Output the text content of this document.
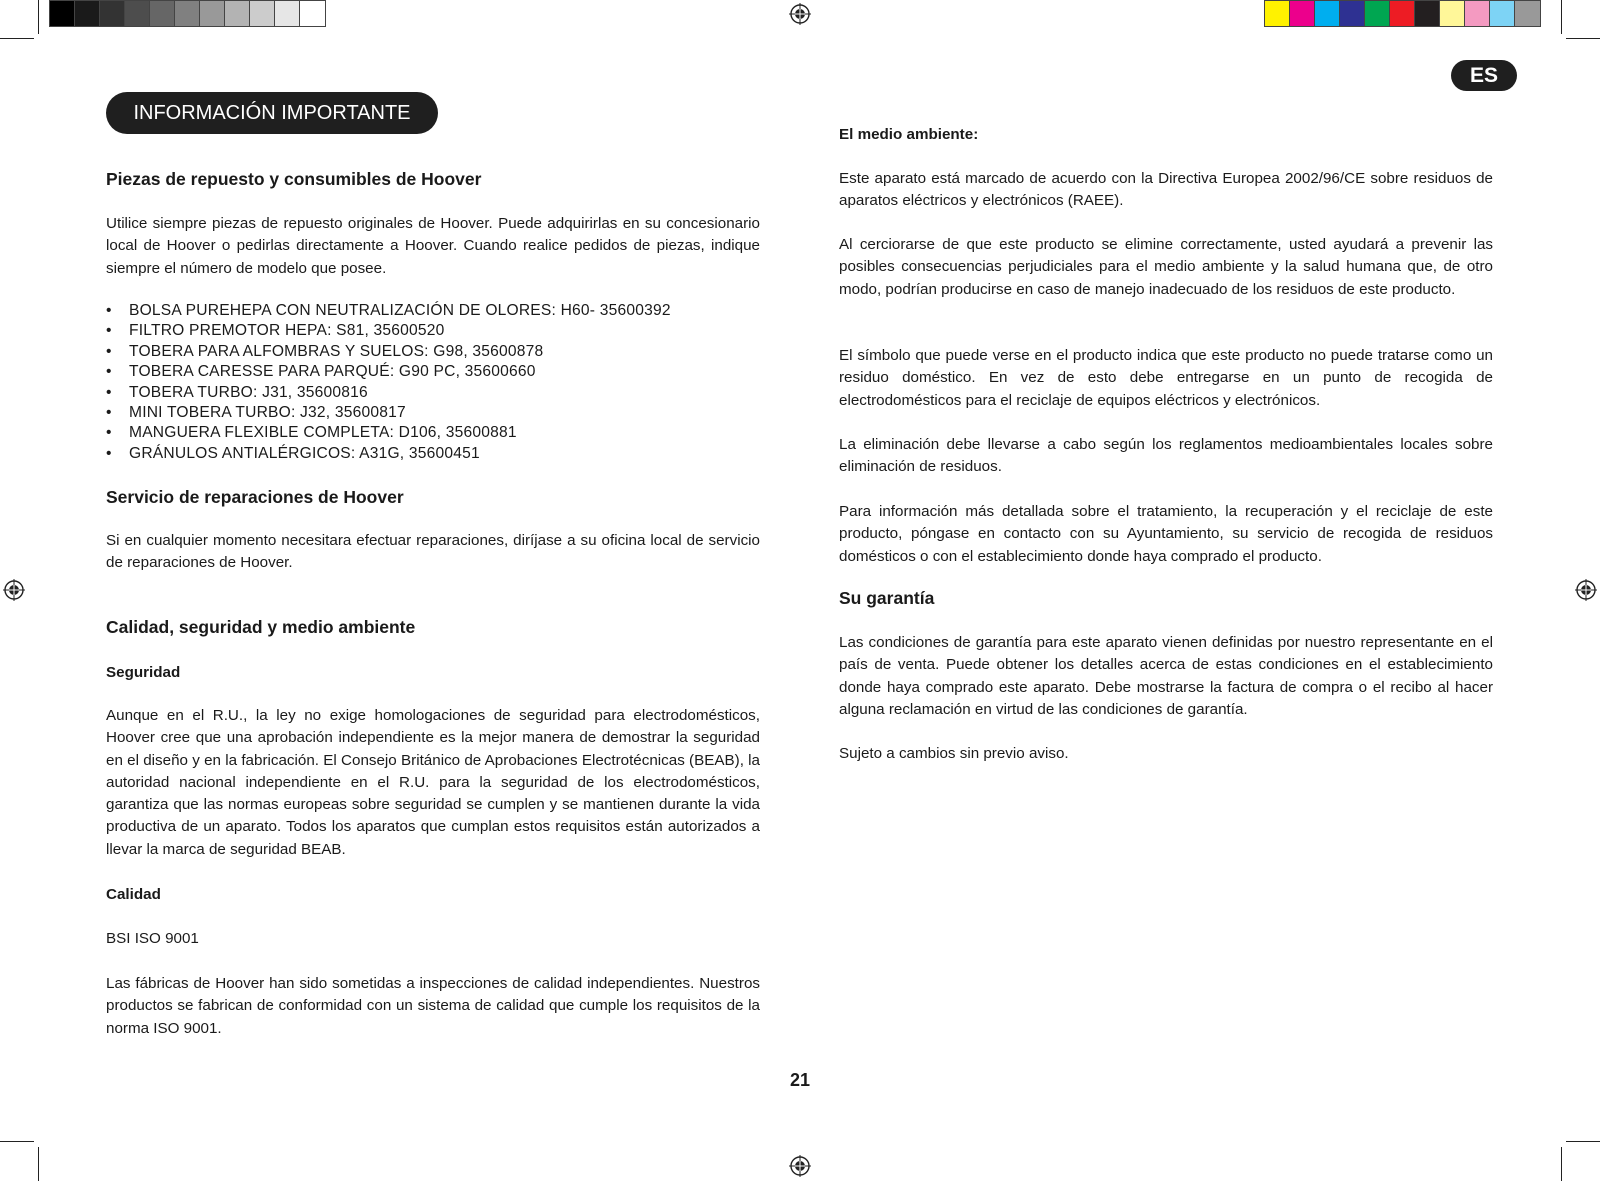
ES
INFORMACIÓN IMPORTANTE
Piezas de repuesto y consumibles de Hoover

Utilice siempre piezas de repuesto originales de Hoover. Puede adquirirlas en su concesionario local de Hoover o pedirlas directamente a Hoover. Cuando realice pedidos de piezas, indique siempre el número de modelo que posee.

• BOLSA PUREHEPA CON NEUTRALIZACIÓN DE OLORES: H60- 35600392
• FILTRO PREMOTOR HEPA: S81, 35600520
• TOBERA PARA ALFOMBRAS Y SUELOS: G98, 35600878
• TOBERA CARESSE PARA PARQUÉ: G90 PC, 35600660
• TOBERA TURBO: J31, 35600816
• MINI TOBERA TURBO: J32, 35600817
• MANGUERA FLEXIBLE COMPLETA: D106, 35600881
• GRÁNULOS ANTIALÉRGICOS: A31G, 35600451
Servicio de reparaciones de Hoover

Si en cualquier momento necesitara efectuar reparaciones, diríjase a su oficina local de servicio de reparaciones de Hoover.

Calidad, seguridad y medio ambiente
Seguridad

Aunque en el R.U., la ley no exige homologaciones de seguridad para electrodomésticos, Hoover cree que una aprobación independiente es la mejor manera de demostrar la seguridad en el diseño y en la fabricación. El Consejo Británico de Aprobaciones Electrotécnicas (BEAB), la autoridad nacional independiente en el R.U. para la seguridad de los electrodomésticos, garantiza que las normas europeas sobre seguridad se cumplen y se mantienen durante la vida productiva de un aparato. Todos los aparatos que cumplan estos requisitos están autorizados a llevar la marca de seguridad BEAB.

Calidad
BSI ISO 9001

Las fábricas de Hoover han sido sometidas a inspecciones de calidad independientes. Nuestros productos se fabrican de conformidad con un sistema de calidad que cumple los requisitos de la norma ISO 9001.

El medio ambiente:

Este aparato está marcado de acuerdo con la Directiva Europea 2002/96/CE sobre residuos de aparatos eléctricos y electrónicos (RAEE).

Al cerciorarse de que este producto se elimine correctamente, usted ayudará a prevenir las posibles consecuencias perjudiciales para el medio ambiente y la salud humana que, de otro modo, podrían producirse en caso de manejo inadecuado de los residuos de este producto.

El símbolo que puede verse en el producto indica que este producto no puede tratarse como un residuo doméstico. En vez de esto debe entregarse en un punto de recogida de electrodomésticos para el reciclaje de equipos eléctricos y electrónicos.

La eliminación debe llevarse a cabo según los reglamentos medioambientales locales sobre eliminación de residuos.

Para información más detallada sobre el tratamiento, la recuperación y el reciclaje de este producto, póngase en contacto con su Ayuntamiento, su servicio de recogida de residuos domésticos o con el establecimiento donde haya comprado el producto.

Su garantía

Las condiciones de garantía para este aparato vienen definidas por nuestro representante en el país de venta. Puede obtener los detalles acerca de estas condiciones en el establecimiento donde haya comprado este aparato. Debe mostrarse la factura de compra o el recibo al hacer alguna reclamación en virtud de las condiciones de garantía.

Sujeto a cambios sin previo aviso.
21
